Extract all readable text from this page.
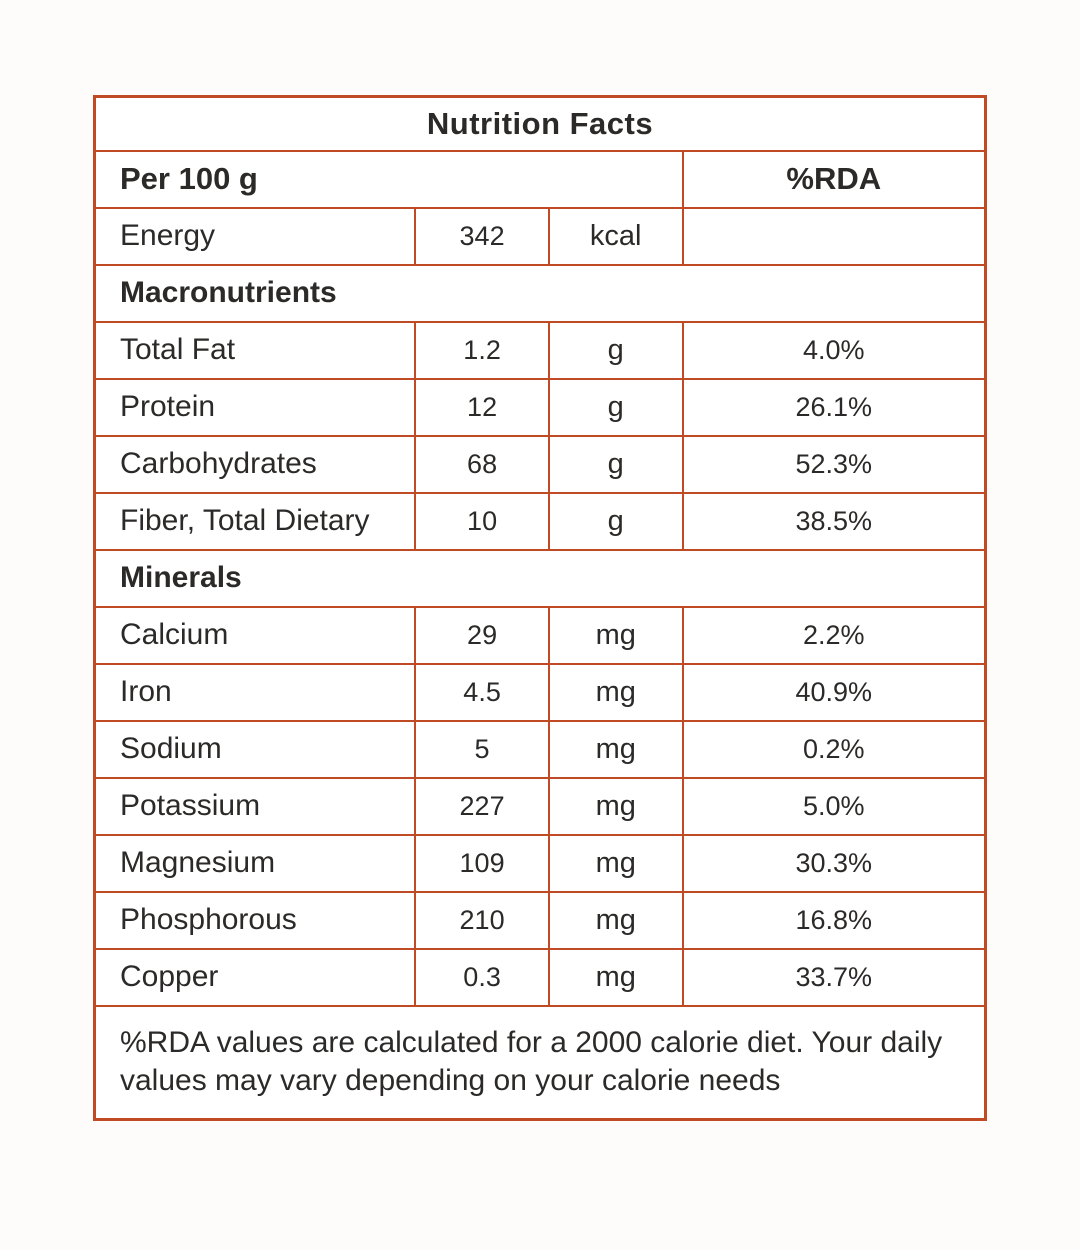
Nutrition Facts			
Per 100 g			%RDA
Energy	342	kcal	
Macronutrients			
Total Fat	1.2	g	4.0%
Protein	12	g	26.1%
Carbohydrates	68	g	52.3%
Fiber, Total Dietary	10	g	38.5%
Minerals			
Calcium	29	mg	2.2%
Iron	4.5	mg	40.9%
Sodium	5	mg	0.2%
Potassium	227	mg	5.0%
Magnesium	109	mg	30.3%
Phosphorous	210	mg	16.8%
Copper	0.3	mg	33.7%
%RDA values are calculated for a 2000 calorie diet. Your daily values may vary depending on your calorie needs			
